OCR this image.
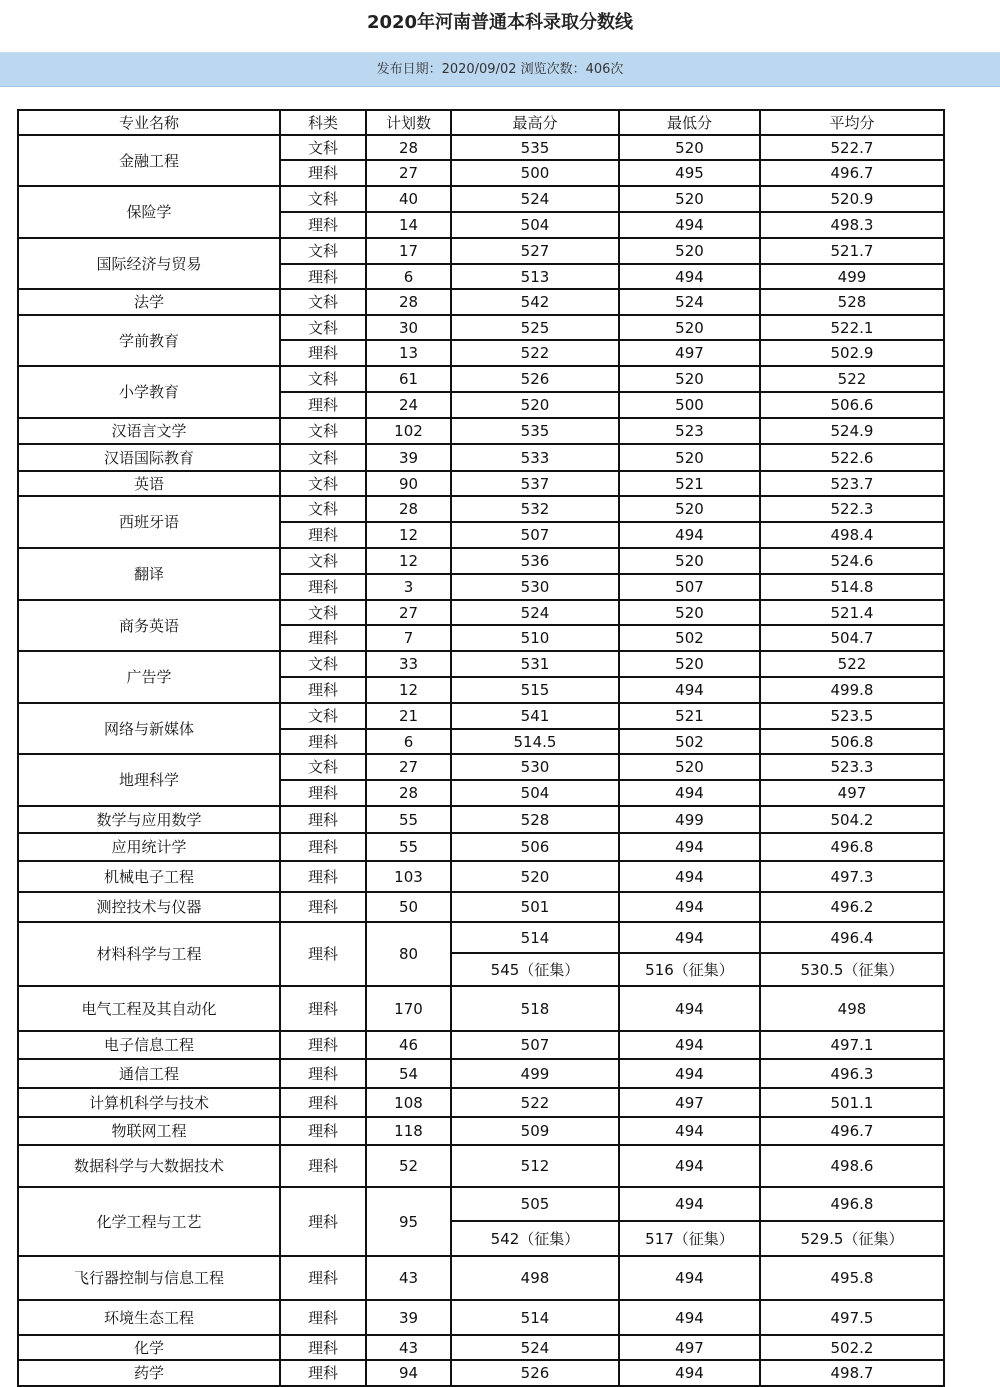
2020年河南普通本科录取分数线
发布日期：2020/09/02 浏览次数：406次
专业名称	科类	计划数	最高分	最低分	平均分
金融工程	文科	28	535	520	522.7
	理科	27	500	495	496.7
保险学	文科	40	524	520	520.9
	理科	14	504	494	498.3
国际经济与贸易	文科	17	527	520	521.7
	理科	6	513	494	499
法学	文科	28	542	524	528
学前教育	文科	30	525	520	522.1
	理科	13	522	497	502.9
小学教育	文科	61	526	520	522
	理科	24	520	500	506.6
汉语言文学	文科	102	535	523	524.9
汉语国际教育	文科	39	533	520	522.6
英语	文科	90	537	521	523.7
西班牙语	文科	28	532	520	522.3
	理科	12	507	494	498.4
翻译	文科	12	536	520	524.6
	理科	3	530	507	514.8
商务英语	文科	27	524	520	521.4
	理科	7	510	502	504.7
广告学	文科	33	531	520	522
	理科	12	515	494	499.8
网络与新媒体	文科	21	541	521	523.5
	理科	6	514.5	502	506.8
地理科学	文科	27	530	520	523.3
	理科	28	504	494	497
数学与应用数学	理科	55	528	499	504.2
应用统计学	理科	55	506	494	496.8
机械电子工程	理科	103	520	494	497.3
测控技术与仪器	理科	50	501	494	496.2
材料科学与工程	理科	80	514	494	496.4
			545（征集）	516（征集）	530.5（征集）
电气工程及其自动化	理科	170	518	494	498
电子信息工程	理科	46	507	494	497.1
通信工程	理科	54	499	494	496.3
计算机科学与技术	理科	108	522	497	501.1
物联网工程	理科	118	509	494	496.7
数据科学与大数据技术	理科	52	512	494	498.6
化学工程与工艺	理科	95	505	494	496.8
			542（征集）	517（征集）	529.5（征集）
飞行器控制与信息工程	理科	43	498	494	495.8
环境生态工程	理科	39	514	494	497.5
化学	理科	43	524	497	502.2
药学	理科	94	526	494	498.7
